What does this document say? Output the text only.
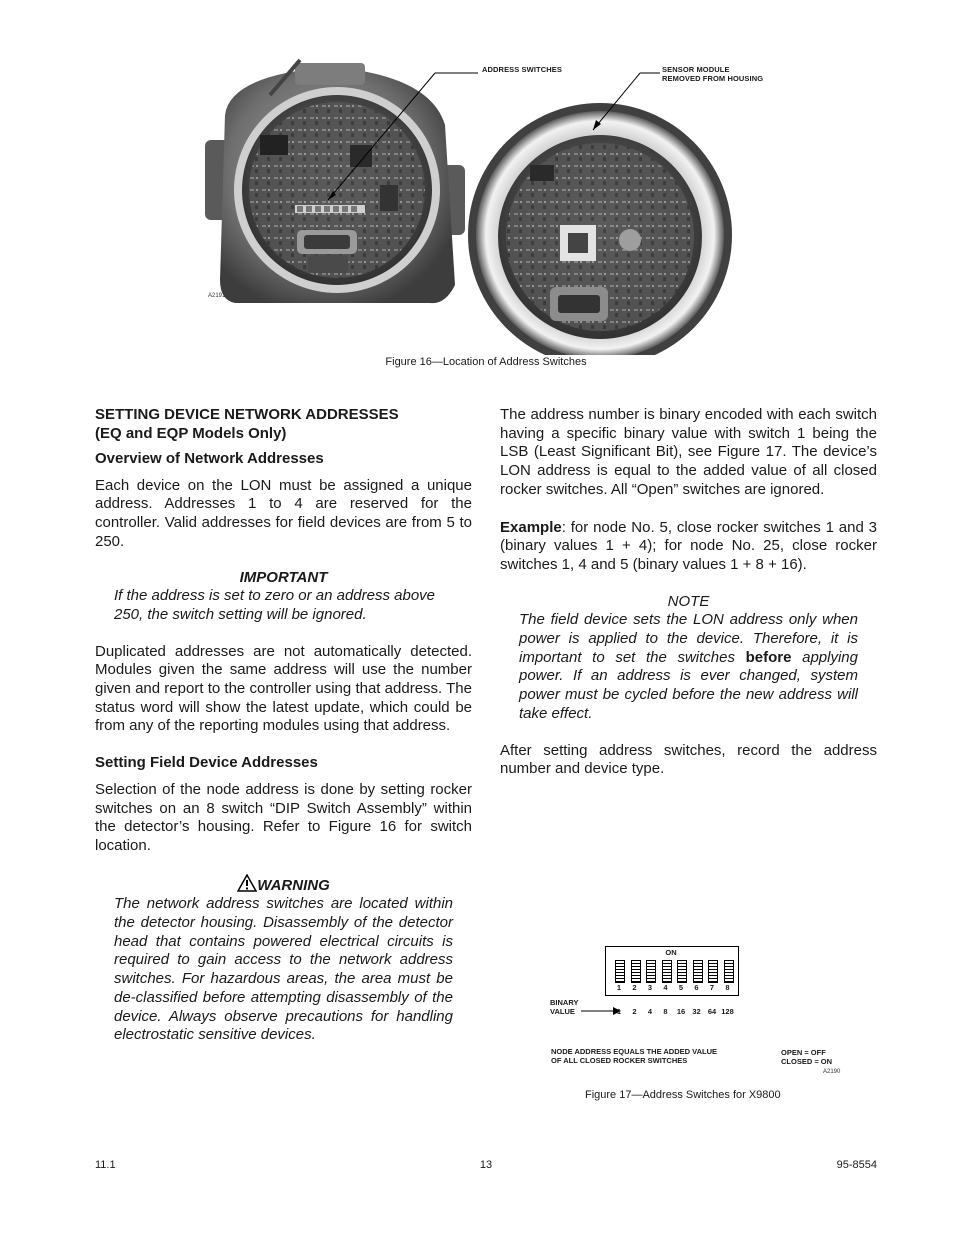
ADDRESS SWITCHES	SENSOR MODULE
REMOVED FROM HOUSING
A2191
Figure 16—Location of Address Switches
SETTING DEVICE NETWORK ADDRESSES
(EQ and EQP Models Only)
Overview of Network Addresses

Each device on the LON must be assigned a unique address. Addresses 1 to 4 are reserved for the controller. Valid addresses for field devices are from 5 to 250.

IMPORTANT

If the address is set to zero or an address above 250, the switch setting will be ignored.

Duplicated addresses are not automatically detected. Modules given the same address will use the number given and report to the controller using that address. The status word will show the latest update, which could be from any of the reporting modules using that address.

Setting Field Device Addresses

Selection of the node address is done by setting rocker switches on an 8 switch “DIP Switch Assembly” within the detector’s housing. Refer to Figure 16 for switch location.

WARNING

The network address switches are located within the detector housing. Disassembly of the detector head that contains powered electrical circuits is required to gain access to the network address switches. For hazardous areas, the area must be de-classified before attempting disassembly of the device. Always observe precautions for handling electrostatic sensitive devices.

The address number is binary encoded with each switch having a specific binary value with switch 1 being the LSB (Least Significant Bit), see Figure 17. The device’s LON address is equal to the added value of all closed rocker switches. All “Open” switches are ignored.

Example: for node No. 5, close rocker switches 1 and 3 (binary values 1 + 4); for node No. 25, close rocker switches 1, 4 and 5 (binary values 1 + 8 + 16).

NOTE

The field device sets the LON address only when power is applied to the device. Therefore, it is important to set the switches before applying power. If an address is ever changed, system power must be cycled before the new address will take effect.

After setting address switches, record the address number and device type.

ON
1	2	3	4	5	6	7	8
BINARY
VALUE	1	2	4	8	16 32 64 128
NODE ADDRESS EQUALS THE ADDED VALUE
OF ALL CLOSED ROCKER SWITCHES
OPEN = OFF
CLOSED = ON
A2190
Figure 17—Address Switches for X9800
11.1	13	95-8554
